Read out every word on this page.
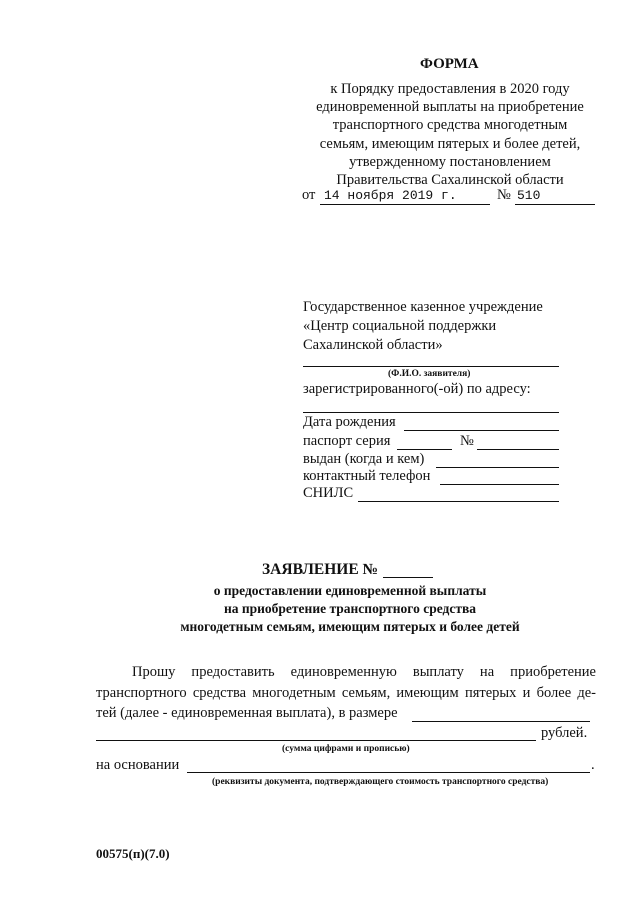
ФОРМА
к Порядку предоставления в 2020 году
единовременной выплаты на приобретение
транспортного средства многодетным
семьям, имеющим пятерых и более детей,
утвержденному постановлением
Правительства Сахалинской области
от 14 ноября 2019 г.	№ 510
Государственное казенное учреждение
«Центр социальной поддержки
Сахалинской области»
(Ф.И.О. заявителя)
зарегистрированного(-ой) по адресу:
Дата рождения
паспорт серия	№
выдан (когда и кем)
контактный телефон
СНИЛС
ЗАЯВЛЕНИЕ №
о предоставлении единовременной выплаты
на приобретение транспортного средства
многодетным семьям, имеющим пятерых и более детей
Прошу предоставить единовременную выплату на приобретение
транспортного средства многодетным семьям, имеющим пятерых и более де-
тей (далее - единовременная выплата), в размере
рублей.
(сумма цифрами и прописью)
на основании	.
(реквизиты документа, подтверждающего стоимость транспортного средства)
00575(п)(7.0)
